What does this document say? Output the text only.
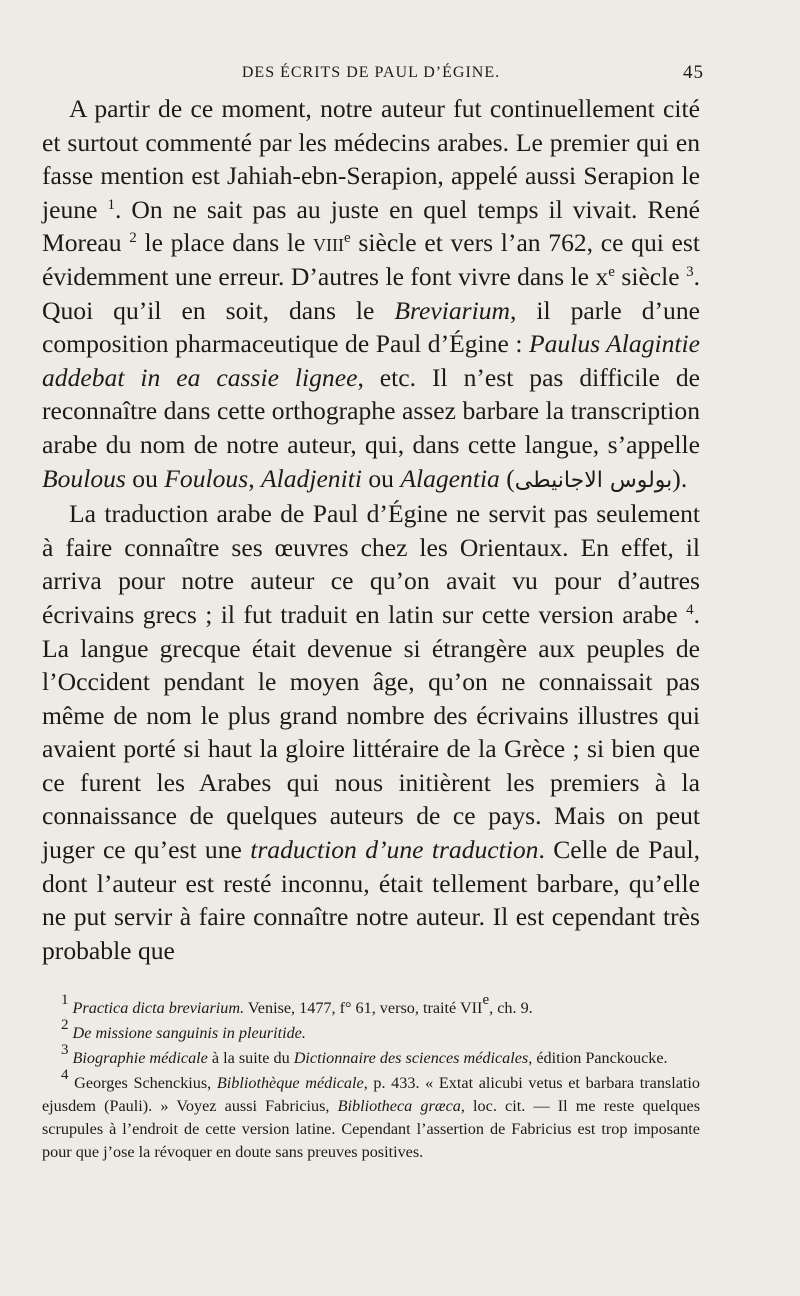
DES ÉCRITS DE PAUL D’ÉGINE.	45

A partir de ce moment, notre auteur fut continuellement cité et surtout commenté par les médecins arabes. Le premier qui en fasse mention est Jahiah-ebn-Serapion, appelé aussi Serapion le jeune $^1$. On ne sait pas au juste en quel temps il vivait. René Moreau $^2$ le place dans le viii$^e$ siècle et vers l’an 762, ce qui est évidemment une erreur. D’autres le font vivre dans le $x^e$ siècle $^3$. Quoi qu’il en soit, dans le Breviarium, il parle d’une composition pharmaceutique de Paul d’Égine : Paulus Alagintie addebat in ea cassie lignee, etc. Il n’est pas difficile de reconnaître dans cette orthographe assez barbare la transcription arabe du nom de notre auteur, qui, dans cette langue, s’appelle Boulous ou Foulous, Aladjeniti ou Alagentia (بولوس الاجانيطى).

La traduction arabe de Paul d’Égine ne servit pas seulement à faire connaître ses œuvres chez les Orientaux. En effet, il arriva pour notre auteur ce qu’on avait vu pour d’autres écrivains grecs ; il fut traduit en latin sur cette version arabe $^4$. La langue grecque était devenue si étrangère aux peuples de l’Occident pendant le moyen âge, qu’on ne connaissait pas même de nom le plus grand nombre des écrivains illustres qui avaient porté si haut la gloire littéraire de la Grèce ; si bien que ce furent les Arabes qui nous initièrent les premiers à la connaissance de quelques auteurs de ce pays. Mais on peut juger ce qu’est une traduction d’une traduction. Celle de Paul, dont l’auteur est resté inconnu, était tellement barbare, qu’elle ne put servir à faire connaître notre auteur. Il est cependant très probable que

$^1$ Practica dicta breviarium. Venise, 1477, f° 61, verso, traité VIIe, ch. 9.

$^2$ De missione sanguinis in pleuritide.

$^3$ Biographie médicale à la suite du Dictionnaire des sciences médicales, édition Panckoucke.

$^4$ Georges Schenckius, Bibliothèque médicale, p. 433. « Extat alicubi vetus et barbara translatio ejusdem (Pauli). » Voyez aussi Fabricius, Bibliotheca græca, loc. cit. — Il me reste quelques scrupules à l’endroit de cette version latine. Cependant l’assertion de Fabricius est trop imposante pour que j’ose la révoquer en doute sans preuves positives.
